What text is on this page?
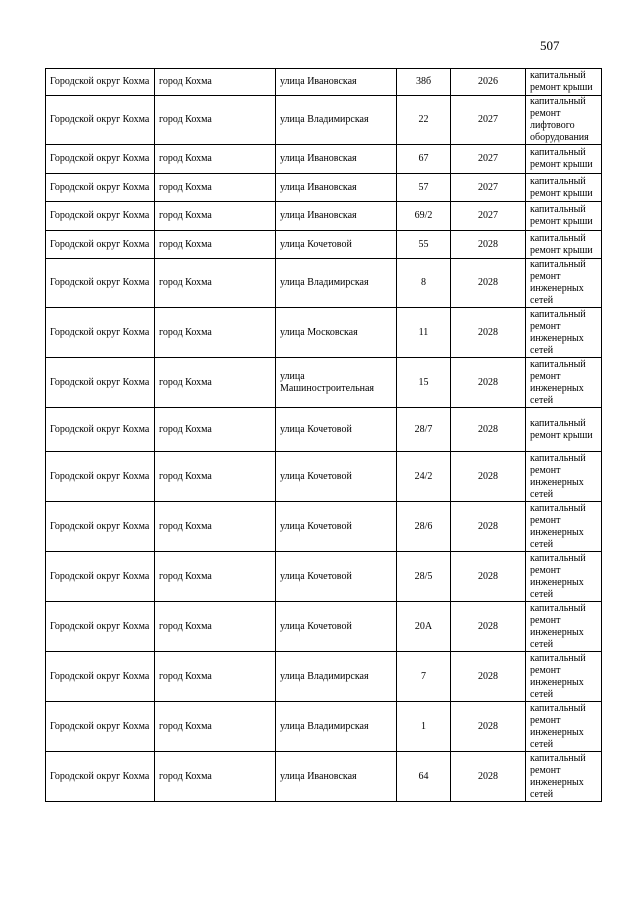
507
Городской округ Кохма	город Кохма	улица Ивановская	38б	2026	капитальный ремонт крыши
Городской округ Кохма	город Кохма	улица Владимирская	22	2027	капитальный ремонт лифтового оборудования
Городской округ Кохма	город Кохма	улица Ивановская	67	2027	капитальный ремонт крыши
Городской округ Кохма	город Кохма	улица Ивановская	57	2027	капитальный ремонт крыши
Городской округ Кохма	город Кохма	улица Ивановская	69/2	2027	капитальный ремонт крыши
Городской округ Кохма	город Кохма	улица Кочетовой	55	2028	капитальный ремонт крыши
Городской округ Кохма	город Кохма	улица Владимирская	8	2028	капитальный ремонт инженерных сетей
Городской округ Кохма	город Кохма	улица Московская	11	2028	капитальный ремонт инженерных сетей
Городской округ Кохма	город Кохма	улица Машиностроительная	15	2028	капитальный ремонт инженерных сетей
Городской округ Кохма	город Кохма	улица Кочетовой	28/7	2028	капитальный ремонт крыши
Городской округ Кохма	город Кохма	улица Кочетовой	24/2	2028	капитальный ремонт инженерных сетей
Городской округ Кохма	город Кохма	улица Кочетовой	28/6	2028	капитальный ремонт инженерных сетей
Городской округ Кохма	город Кохма	улица Кочетовой	28/5	2028	капитальный ремонт инженерных сетей
Городской округ Кохма	город Кохма	улица Кочетовой	20А	2028	капитальный ремонт инженерных сетей
Городской округ Кохма	город Кохма	улица Владимирская	7	2028	капитальный ремонт инженерных сетей
Городской округ Кохма	город Кохма	улица Владимирская	1	2028	капитальный ремонт инженерных сетей
Городской округ Кохма	город Кохма	улица Ивановская	64	2028	капитальный ремонт инженерных сетей
